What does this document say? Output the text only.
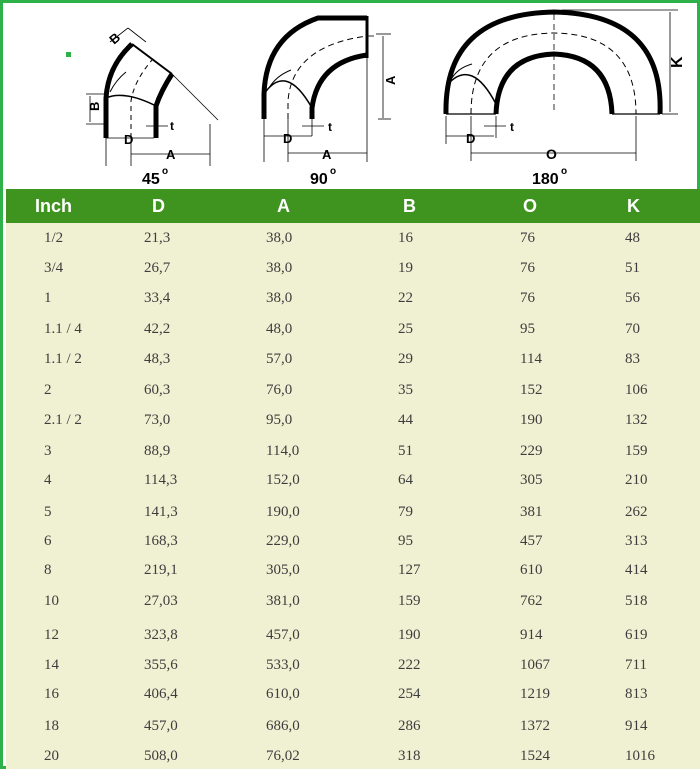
B
B
D
t
A
45 o
A
D
t
A
90 o
K
D
t
O
180 o
Inch	D	A	B	O	K
1/2	21,3	38,0	16	76	48
3/4	26,7	38,0	19	76	51
1	33,4	38,0	22	76	56
1.1 / 4	42,2	48,0	25	95	70
1.1 / 2	48,3	57,0	29	114	83
2	60,3	76,0	35	152	106
2.1 / 2	73,0	95,0	44	190	132
3	88,9	114,0	51	229	159
4	114,3	152,0	64	305	210
5	141,3	190,0	79	381	262
6	168,3	229,0	95	457	313
8	219,1	305,0	127	610	414
10	27,03	381,0	159	762	518
12	323,8	457,0	190	914	619
14	355,6	533,0	222	1067	711
16	406,4	610,0	254	1219	813
18	457,0	686,0	286	1372	914
20	508,0	76,02	318	1524	1016
